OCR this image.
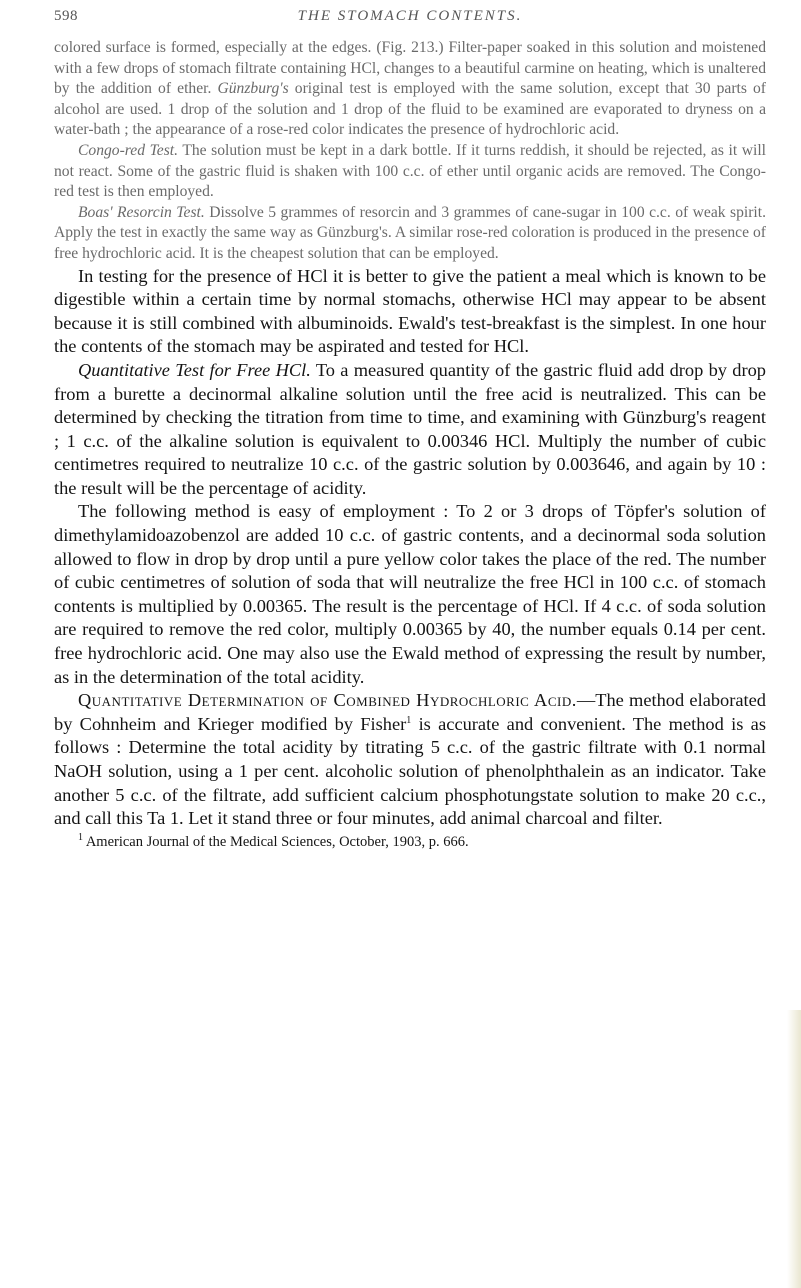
598	THE STOMACH CONTENTS.

colored surface is formed, especially at the edges. (Fig. 213.) Filter-paper soaked in this solution and moistened with a few drops of stomach filtrate containing HCl, changes to a beautiful carmine on heating, which is unaltered by the addition of ether. Günzburg's original test is employed with the same solution, except that 30 parts of alcohol are used. 1 drop of the solution and 1 drop of the fluid to be examined are evaporated to dryness on a water-bath ; the appearance of a rose-red color indicates the presence of hydrochloric acid.

Congo-red Test. The solution must be kept in a dark bottle. If it turns reddish, it should be rejected, as it will not react. Some of the gastric fluid is shaken with 100 c.c. of ether until organic acids are removed. The Congo-red test is then employed.

Boas' Resorcin Test. Dissolve 5 grammes of resorcin and 3 grammes of cane-sugar in 100 c.c. of weak spirit. Apply the test in exactly the same way as Günzburg's. A similar rose-red coloration is produced in the presence of free hydrochloric acid. It is the cheapest solution that can be employed.

In testing for the presence of HCl it is better to give the patient a meal which is known to be digestible within a certain time by normal stomachs, otherwise HCl may appear to be absent because it is still combined with albuminoids. Ewald's test-breakfast is the simplest. In one hour the contents of the stomach may be aspirated and tested for HCl.

Quantitative Test for Free HCl. To a measured quantity of the gastric fluid add drop by drop from a burette a decinormal alkaline solution until the free acid is neutralized. This can be determined by checking the titration from time to time, and examining with Günzburg's reagent ; 1 c.c. of the alkaline solution is equivalent to 0.00346 HCl. Multiply the number of cubic centimetres required to neutralize 10 c.c. of the gastric solution by 0.003646, and again by 10 : the result will be the percentage of acidity.

The following method is easy of employment : To 2 or 3 drops of Töpfer's solution of dimethylamidoazobenzol are added 10 c.c. of gastric contents, and a decinormal soda solution allowed to flow in drop by drop until a pure yellow color takes the place of the red. The number of cubic centimetres of solution of soda that will neutralize the free HCl in 100 c.c. of stomach contents is multiplied by 0.00365. The result is the percentage of HCl. If 4 c.c. of soda solution are required to remove the red color, multiply 0.00365 by 40, the number equals 0.14 per cent. free hydrochloric acid. One may also use the Ewald method of expressing the result by number, as in the determination of the total acidity.

Quantitative Determination of Combined Hydrochloric Acid.—The method elaborated by Cohnheim and Krieger modified by Fisher$^1$ is accurate and convenient. The method is as follows : Determine the total acidity by titrating 5 c.c. of the gastric filtrate with 0.1 normal NaOH solution, using a 1 per cent. alcoholic solution of phenolphthalein as an indicator. Take another 5 c.c. of the filtrate, add sufficient calcium phosphotungstate solution to make 20 c.c., and call this Ta 1. Let it stand three or four minutes, add animal charcoal and filter.

$^1$ American Journal of the Medical Sciences, October, 1903, p. 666.
